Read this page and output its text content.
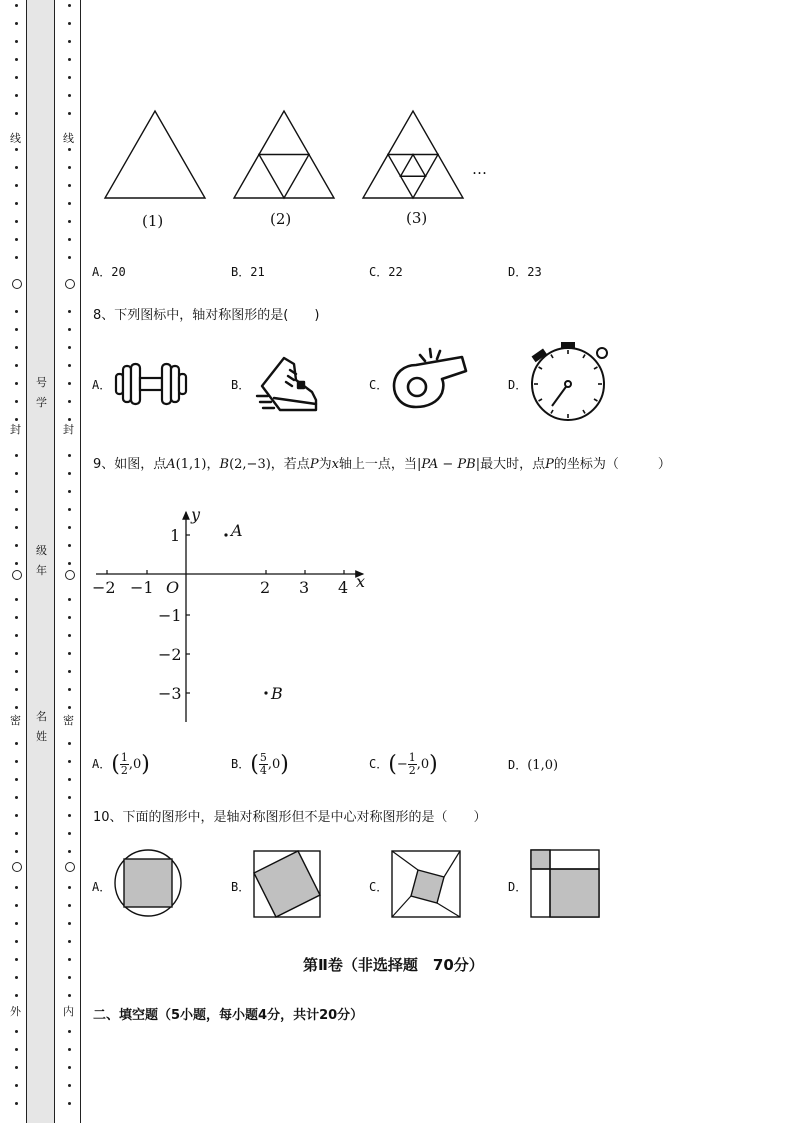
线
封
密
外
线
封
密
内
号
学
级
年
名
姓
(1)	(2)	(3)
…
A．20	B．21	C．22	D．23
8、下列图标中，轴对称图形的是(　　)
A．	B．	C．	D．
9、如图，点A(1,1)，B(2,−3)，若点P为x轴上一点，当|PA − PB|最大时，点P的坐标为（　　　）
−2 −1	2 3 4
1
−1
−2
−3
O	x
y
A
B
A．( $\frac{1}{2} ,0$)	B．( $\frac{5}{4} ,0$)	C．(− $\frac{1}{2} ,0$)	D．(1,0)
10、下面的图形中，是轴对称图形但不是中心对称图形的是（　　）
A．	B．	C．	D．
第Ⅱ卷（非选择题　70分）
二、填空题（5小题，每小题4分，共计20分）
